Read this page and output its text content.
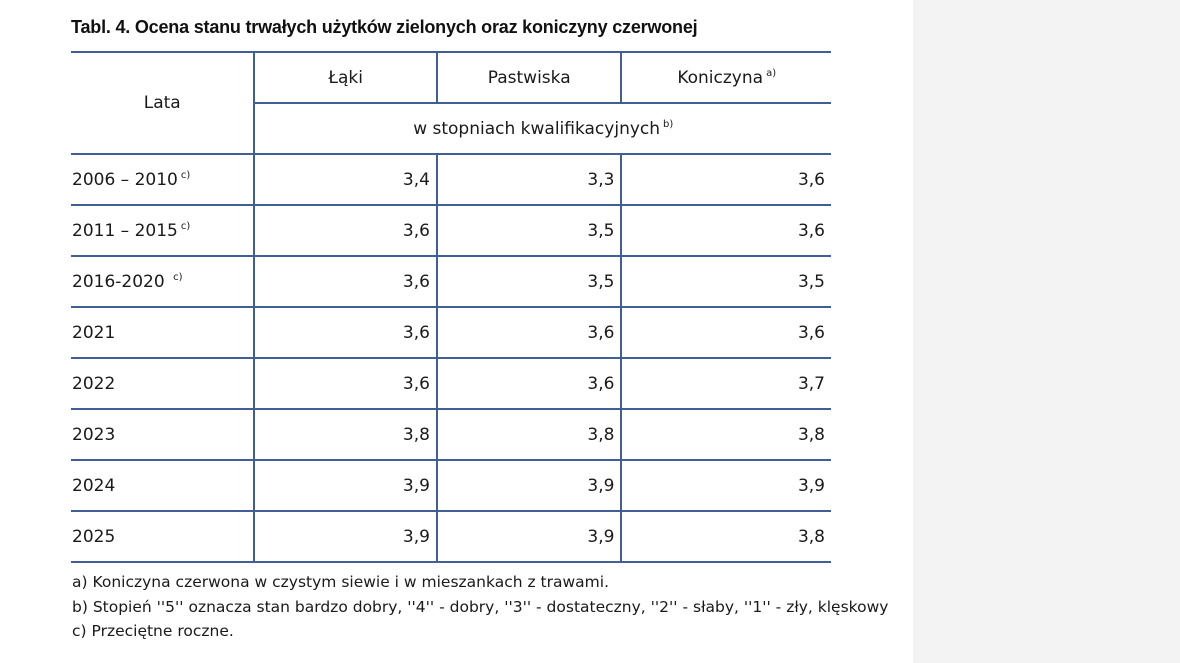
Tabl. 4. Ocena stanu trwałych użytków zielonych oraz koniczyny czerwonej
Lata	Łąki	Pastwiska	Koniczyna $^{a)}$
	w stopniach kwalifikacyjnych $^{b)}$
2006 – 2010 $^{c)}$	3,4	3,3	3,6
2011 – 2015 $^{c)}$	3,6	3,5	3,6
2016-2020 $^{c)}$	3,6	3,5	3,5
2021	3,6	3,6	3,6
2022	3,6	3,6	3,7
2023	3,8	3,8	3,8
2024	3,9	3,9	3,9
2025	3,9	3,9	3,8
a) Koniczyna czerwona w czystym siewie i w mieszankach z trawami.
b) Stopień ''5'' oznacza stan bardzo dobry, ''4'' - dobry, ''3'' - dostateczny, ''2'' - słaby, ''1'' - zły, klęskowy
c) Przeciętne roczne.
